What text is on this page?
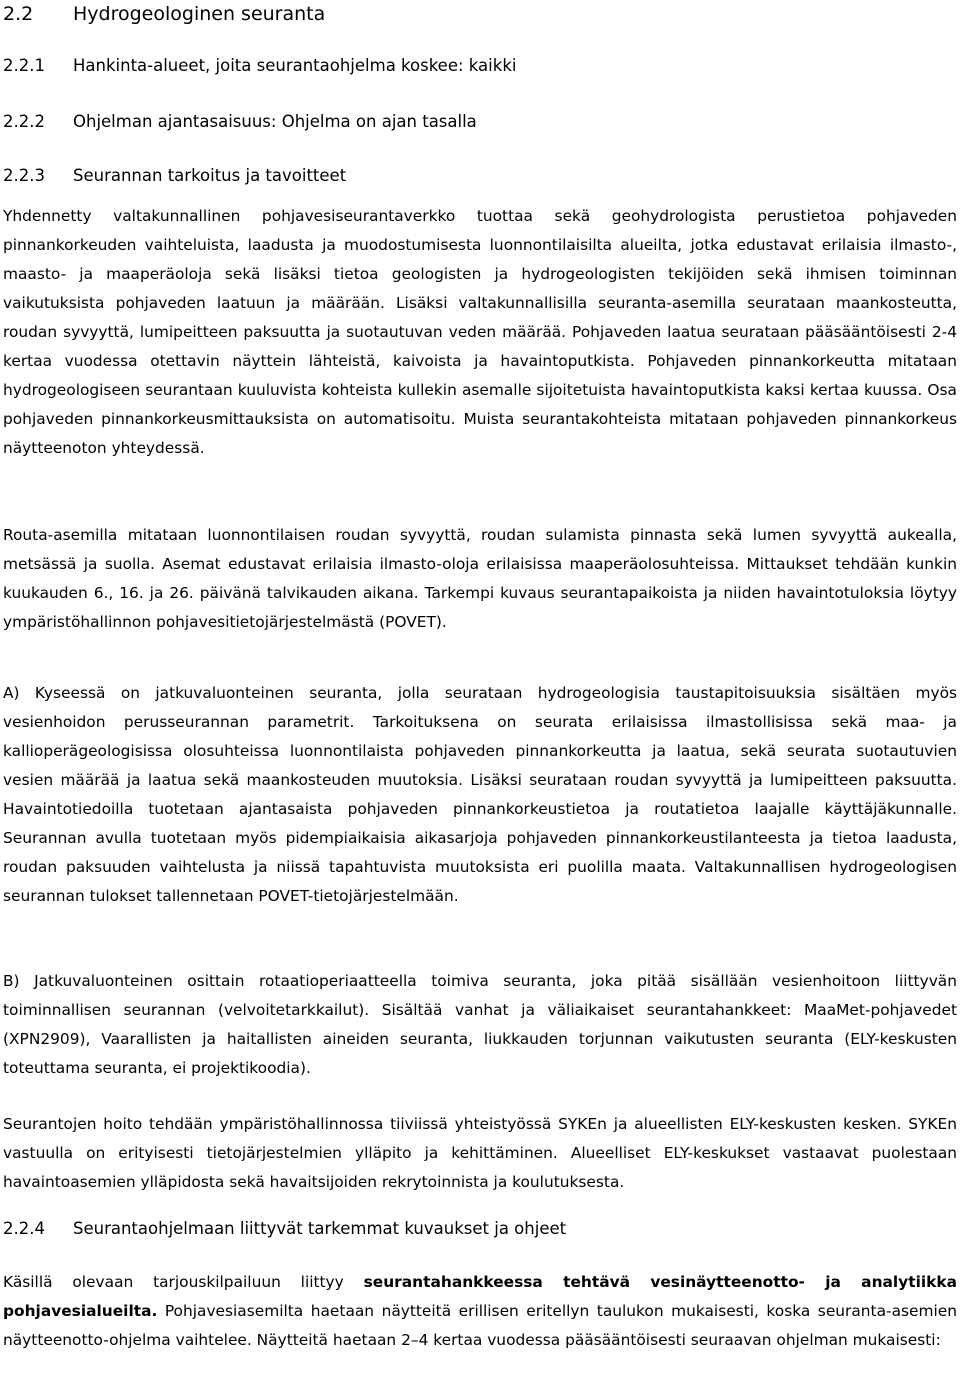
2.2 Hydrogeologinen seuranta
2.2.1 Hankinta-alueet, joita seurantaohjelma koskee: kaikki
2.2.2 Ohjelman ajantasaisuus: Ohjelma on ajan tasalla
2.2.3 Seurannan tarkoitus ja tavoitteet

Yhdennetty valtakunnallinen pohjavesiseurantaverkko tuottaa sekä geohydrologista perustietoa pohjaveden pinnankorkeuden vaihteluista, laadusta ja muodostumisesta luonnontilaisilta alueilta, jotka edustavat erilaisia ilmasto-, maasto- ja maaperäoloja sekä lisäksi tietoa geologisten ja hydrogeologisten tekijöiden sekä ihmisen toiminnan vaikutuksista pohjaveden laatuun ja määrään. Lisäksi valtakunnallisilla seuranta-asemilla seurataan maankosteutta, roudan syvyyttä, lumipeitteen paksuutta ja suotautuvan veden määrää. Pohjaveden laatua seurataan pääsääntöisesti 2-4 kertaa vuodessa otettavin näyttein lähteistä, kaivoista ja havaintoputkista. Pohjaveden pinnankorkeutta mitataan hydrogeologiseen seurantaan kuuluvista kohteista kullekin asemalle sijoitetuista havaintoputkista kaksi kertaa kuussa. Osa pohjaveden pinnankorkeusmittauksista on automatisoitu. Muista seurantakohteista mitataan pohjaveden pinnankorkeus näytteenoton yhteydessä.

Routa-asemilla mitataan luonnontilaisen roudan syvyyttä, roudan sulamista pinnasta sekä lumen syvyyttä aukealla, metsässä ja suolla. Asemat edustavat erilaisia ilmasto-oloja erilaisissa maaperäolosuhteissa. Mittaukset tehdään kunkin kuukauden 6., 16. ja 26. päivänä talvikauden aikana. Tarkempi kuvaus seurantapaikoista ja niiden havaintotuloksia löytyy ympäristöhallinnon pohjavesitietojärjestelmästä (POVET).

A) Kyseessä on jatkuvaluonteinen seuranta, jolla seurataan hydrogeologisia taustapitoisuuksia sisältäen myös vesienhoidon perusseurannan parametrit. Tarkoituksena on seurata erilaisissa ilmastollisissa sekä maa- ja kallioperägeologisissa olosuhteissa luonnontilaista pohjaveden pinnankorkeutta ja laatua, sekä seurata suotautuvien vesien määrää ja laatua sekä maankosteuden muutoksia. Lisäksi seurataan roudan syvyyttä ja lumipeitteen paksuutta. Havaintotiedoilla tuotetaan ajantasaista pohjaveden pinnankorkeustietoa ja routatietoa laajalle käyttäjäkunnalle. Seurannan avulla tuotetaan myös pidempiaikaisia aikasarjoja pohjaveden pinnankorkeustilanteesta ja tietoa laadusta, roudan paksuuden vaihtelusta ja niissä tapahtuvista muutoksista eri puolilla maata. Valtakunnallisen hydrogeologisen seurannan tulokset tallennetaan POVET-tietojärjestelmään.

B) Jatkuvaluonteinen osittain rotaatioperiaatteella toimiva seuranta, joka pitää sisällään vesienhoitoon liittyvän toiminnallisen seurannan (velvoitetarkkailut). Sisältää vanhat ja väliaikaiset seurantahankkeet: MaaMet-pohjavedet (XPN2909), Vaarallisten ja haitallisten aineiden seuranta, liukkauden torjunnan vaikutusten seuranta (ELY-keskusten toteuttama seuranta, ei projektikoodia).

Seurantojen hoito tehdään ympäristöhallinnossa tiiviissä yhteistyössä SYKEn ja alueellisten ELY-keskusten kesken. SYKEn vastuulla on erityisesti tietojärjestelmien ylläpito ja kehittäminen. Alueelliset ELY-keskukset vastaavat puolestaan havaintoasemien ylläpidosta sekä havaitsijoiden rekrytoinnista ja koulutuksesta.

2.2.4 Seurantaohjelmaan liittyvät tarkemmat kuvaukset ja ohjeet

Käsillä olevaan tarjouskilpailuun liittyy seurantahankkeessa tehtävä vesinäytteenotto- ja analytiikka pohjavesialueilta. Pohjavesiasemilta haetaan näytteitä erillisen eritellyn taulukon mukaisesti, koska seuranta-asemien näytteenotto-ohjelma vaihtelee. Näytteitä haetaan 2–4 kertaa vuodessa pääsääntöisesti seuraavan ohjelman mukaisesti:
